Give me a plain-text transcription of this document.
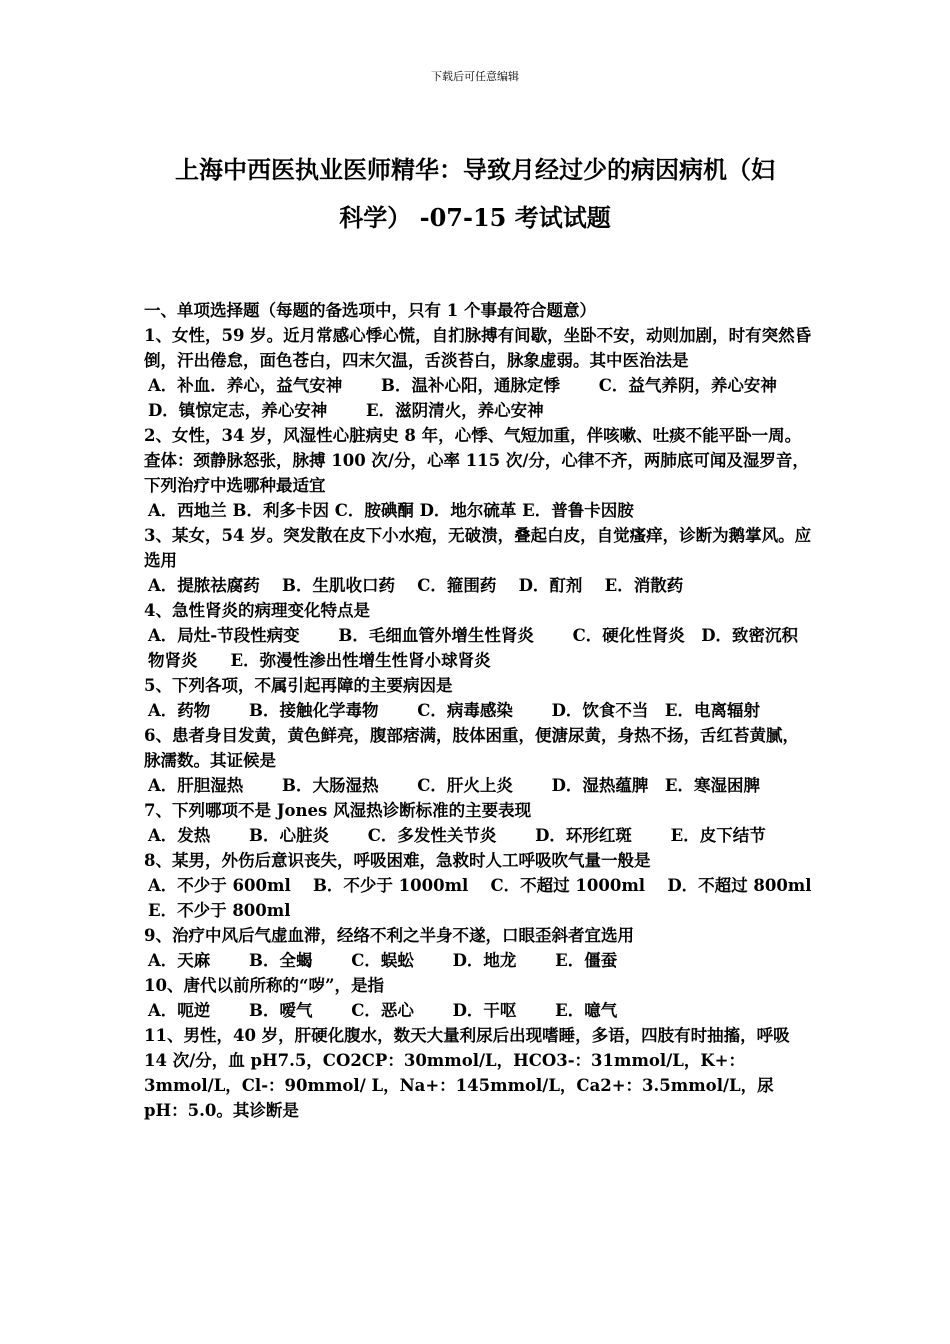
下载后可任意编辑
上海中西医执业医师精华：导致月经过少的病因病机（妇
科学） -07-15 考试试题

一、单项选择题（每题的备选项中，只有 1 个事最符合题意）

1、女性，59 岁。近月常感心悸心慌，自扪脉搏有间歇，坐卧不安，动则加剧，时有突然昏倒，汗出倦怠，面色苍白，四末欠温，舌淡苔白，脉象虚弱。其中医治法是

A．补血．养心，益气安神　　 B．温补心阳，通脉定悸　　 C．益气养阴，养心安神　　 D．镇惊定志，养心安神　　 E．滋阴清火，养心安神

2、女性，34 岁，风湿性心脏病史 8 年，心悸、气短加重，伴咳嗽、吐痰不能平卧一周。查体：颈静脉怒张，脉搏 100 次/分，心率 115 次/分，心律不齐，两肺底可闻及湿罗音，下列治疗中选哪种最适宜

A．西地兰 B．利多卡因 C．胺碘酮 D．地尔硫革 E．普鲁卡因胺

3、某女，54 岁。突发散在皮下小水疱，无破溃，叠起白皮，自觉瘙痒，诊断为鹅掌风。应选用

A．提脓祛腐药　 B．生肌收口药　 C．箍围药　 D．酊剂　 E．消散药

4、急性肾炎的病理变化特点是

A．局灶-节段性病变　　 B．毛细血管外增生性肾炎　　 C．硬化性肾炎　D．致密沉积物肾炎　　E．弥漫性渗出性增生性肾小球肾炎

5、下列各项，不属引起再障的主要病因是

A．药物　　 B．接触化学毒物　　 C．病毒感染　　 D．饮食不当　E．电离辐射

6、患者身目发黄，黄色鲜亮，腹部痞满，肢体困重，便溏尿黄，身热不扬，舌红苔黄腻，脉濡数。其证候是

A．肝胆湿热　　 B．大肠湿热　　 C．肝火上炎　　 D．湿热蕴脾　E．寒湿困脾

7、下列哪项不是 Jones 风湿热诊断标准的主要表现

A．发热　　 B．心脏炎　　 C．多发性关节炎　　 D．环形红斑　　 E．皮下结节

8、某男，外伤后意识丧失，呼吸困难，急救时人工呼吸吹气量一般是

A．不少于 600ml　 B．不少于 1000ml　 C．不超过 1000ml　 D．不超过 800ml　E．不少于 800ml

9、治疗中风后气虚血滞，经络不利之半身不遂，口眼歪斜者宜选用

A．天麻　　 B．全蝎　　 C．蜈蚣　　 D．地龙　　 E．僵蚕

10、唐代以前所称的“哕”，是指

A．呃逆　　 B．嗳气　　 C．恶心　　 D．干呕　　 E．噫气

11、男性，40 岁，肝硬化腹水，数天大量利尿后出现嗜睡，多语，四肢有时抽搐，呼吸 14 次/分，血 pH7.5，CO2CP：30mmol/L，HCO3-：31mmol/L，K+：3mmol/L，Cl-：90mmol/ L，Na+：145mmol/L，Ca2+：3.5mmol/L，尿 pH：5.0。其诊断是
